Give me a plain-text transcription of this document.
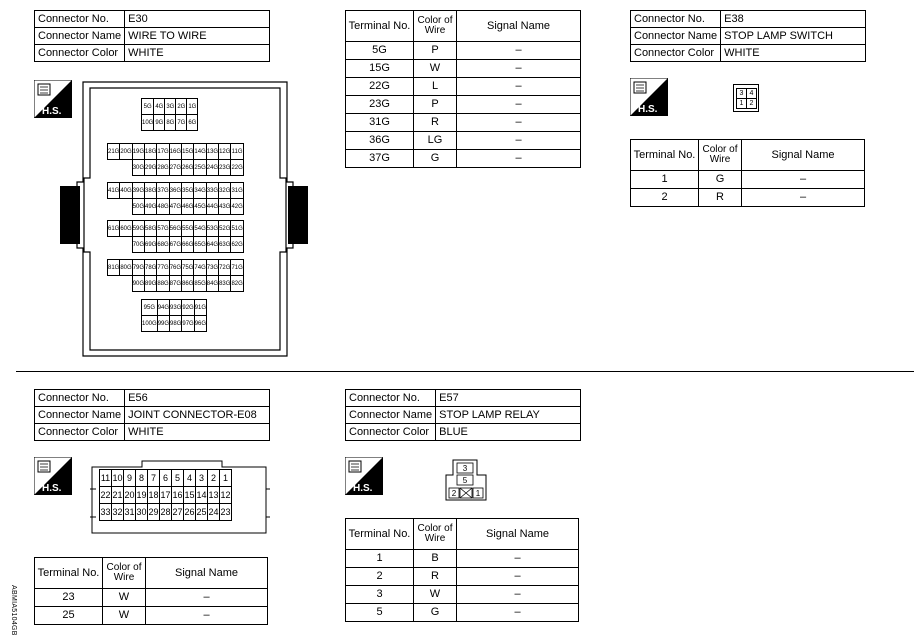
Connector No.	E30
Connector Name	WIRE TO WIRE
Connector Color	WHITE
H.S.	5G	4G	3G	2G	1G
10G	9G	8G	7G	6G
21G	20G	19G	18G	17G	16G	15G	14G	13G	12G	11G
		30G	29G	28G	27G	26G	25G	24G	23G	22G
41G	40G	39G	38G	37G	36G	35G	34G	33G	32G	31G
		50G	49G	48G	47G	46G	45G	44G	43G	42G
61G	60G	59G	58G	57G	56G	55G	54G	53G	52G	51G
		70G	69G	68G	67G	66G	65G	64G	63G	62G
81G	80G	79G	78G	77G	76G	75G	74G	73G	72G	71G
		90G	89G	88G	87G	86G	85G	84G	83G	82G
95G	94G	93G	92G	91G
100G	99G	98G	97G	96G
Terminal No.	Color of Wire	Signal Name
5G	P	–
15G	W	–
22G	L	–
23G	P	–
31G	R	–
36G	LG	–
37G	G	–
Connector No.	E38
Connector Name	STOP LAMP SWITCH
Connector Color	WHITE
H.S.
3	4
1	2
Terminal No.	Color of Wire	Signal Name
1	G	–
2	R	–
Connector No.	E56
Connector Name	JOINT CONNECTOR-E08
Connector Color	WHITE
H.S.
11	10	9	8	7	6	5	4	3	2	1
22	21	20	19	18	17	16	15	14	13	12
33	32	31	30	29	28	27	26	25	24	23
Terminal No.	Color of Wire	Signal Name
23	W	–
25	W	–
ABMIA5104GB
Connector No.	E57
Connector Name	STOP LAMP RELAY
Connector Color	BLUE
H.S.
3
5
2 1
Terminal No.	Color of Wire	Signal Name
1	B	–
2	R	–
3	W	–
5	G	–
